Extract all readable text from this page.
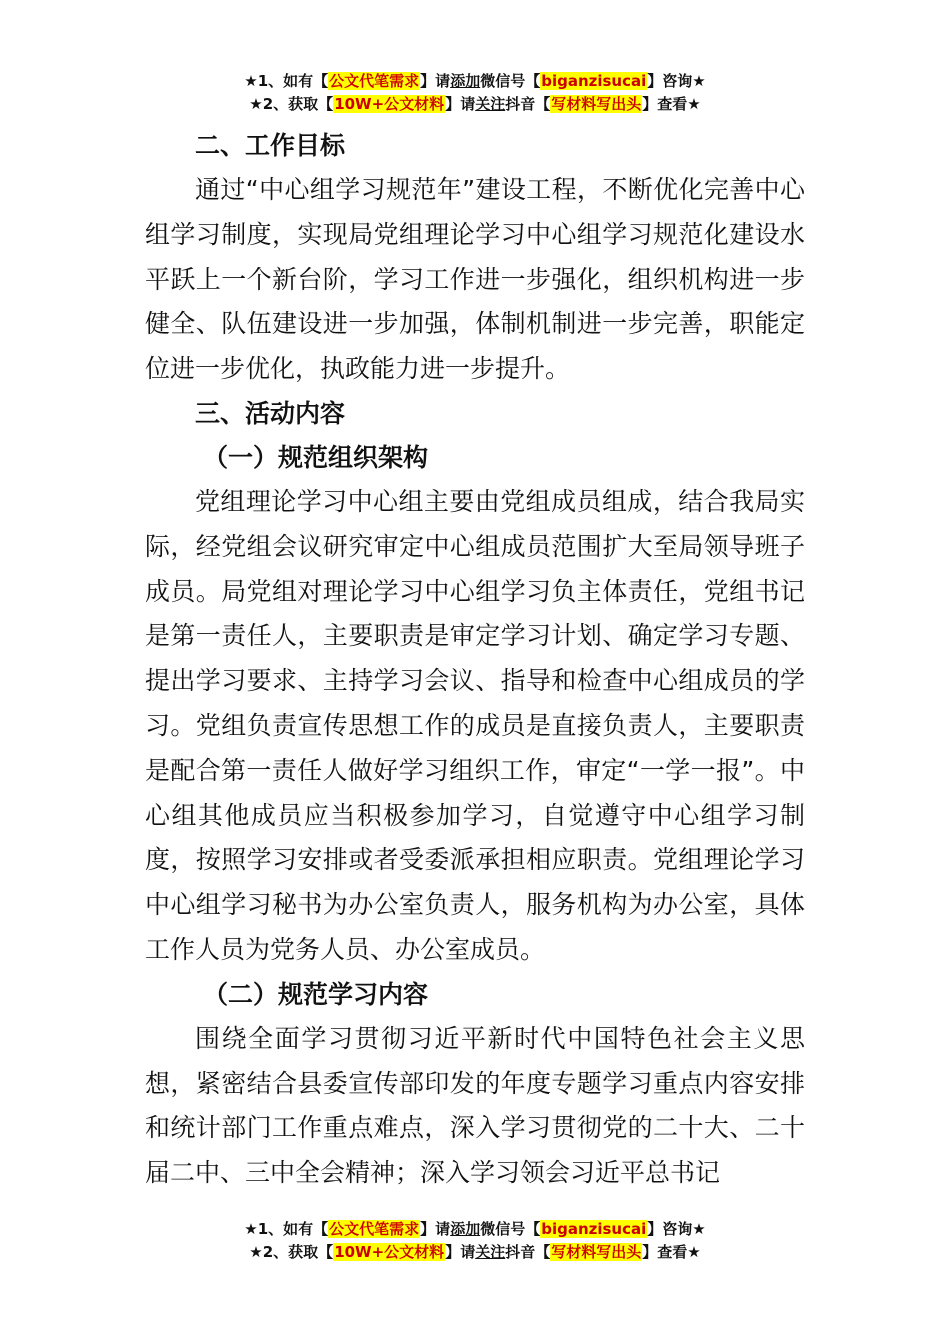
★1、如有【公文代笔需求】请添加微信号【biganzisucai】咨询★
★2、获取【10W+公文材料】请关注抖音【写材料写出头】查看★
二、工作目标

通过“中心组学习规范年”建设工程，不断优化完善中心组学习制度，实现局党组理论学习中心组学习规范化建设水平跃上一个新台阶，学习工作进一步强化，组织机构进一步健全、队伍建设进一步加强，体制机制进一步完善，职能定位进一步优化，执政能力进一步提升。

三、活动内容
（一）规范组织架构

党组理论学习中心组主要由党组成员组成，结合我局实际，经党组会议研究审定中心组成员范围扩大至局领导班子成员。局党组对理论学习中心组学习负主体责任，党组书记是第一责任人，主要职责是审定学习计划、确定学习专题、提出学习要求、主持学习会议、指导和检查中心组成员的学习。党组负责宣传思想工作的成员是直接负责人，主要职责是配合第一责任人做好学习组织工作，审定“一学一报”。中心组其他成员应当积极参加学习，自觉遵守中心组学习制度，按照学习安排或者受委派承担相应职责。党组理论学习中心组学习秘书为办公室负责人，服务机构为办公室，具体工作人员为党务人员、办公室成员。

（二）规范学习内容

围绕全面学习贯彻习近平新时代中国特色社会主义思想，紧密结合县委宣传部印发的年度专题学习重点内容安排和统计部门工作重点难点，深入学习贯彻党的二十大、二十届二中、三中全会精神；深入学习领会习近平总书记

★1、如有【公文代笔需求】请添加微信号【biganzisucai】咨询★
★2、获取【10W+公文材料】请关注抖音【写材料写出头】查看★
